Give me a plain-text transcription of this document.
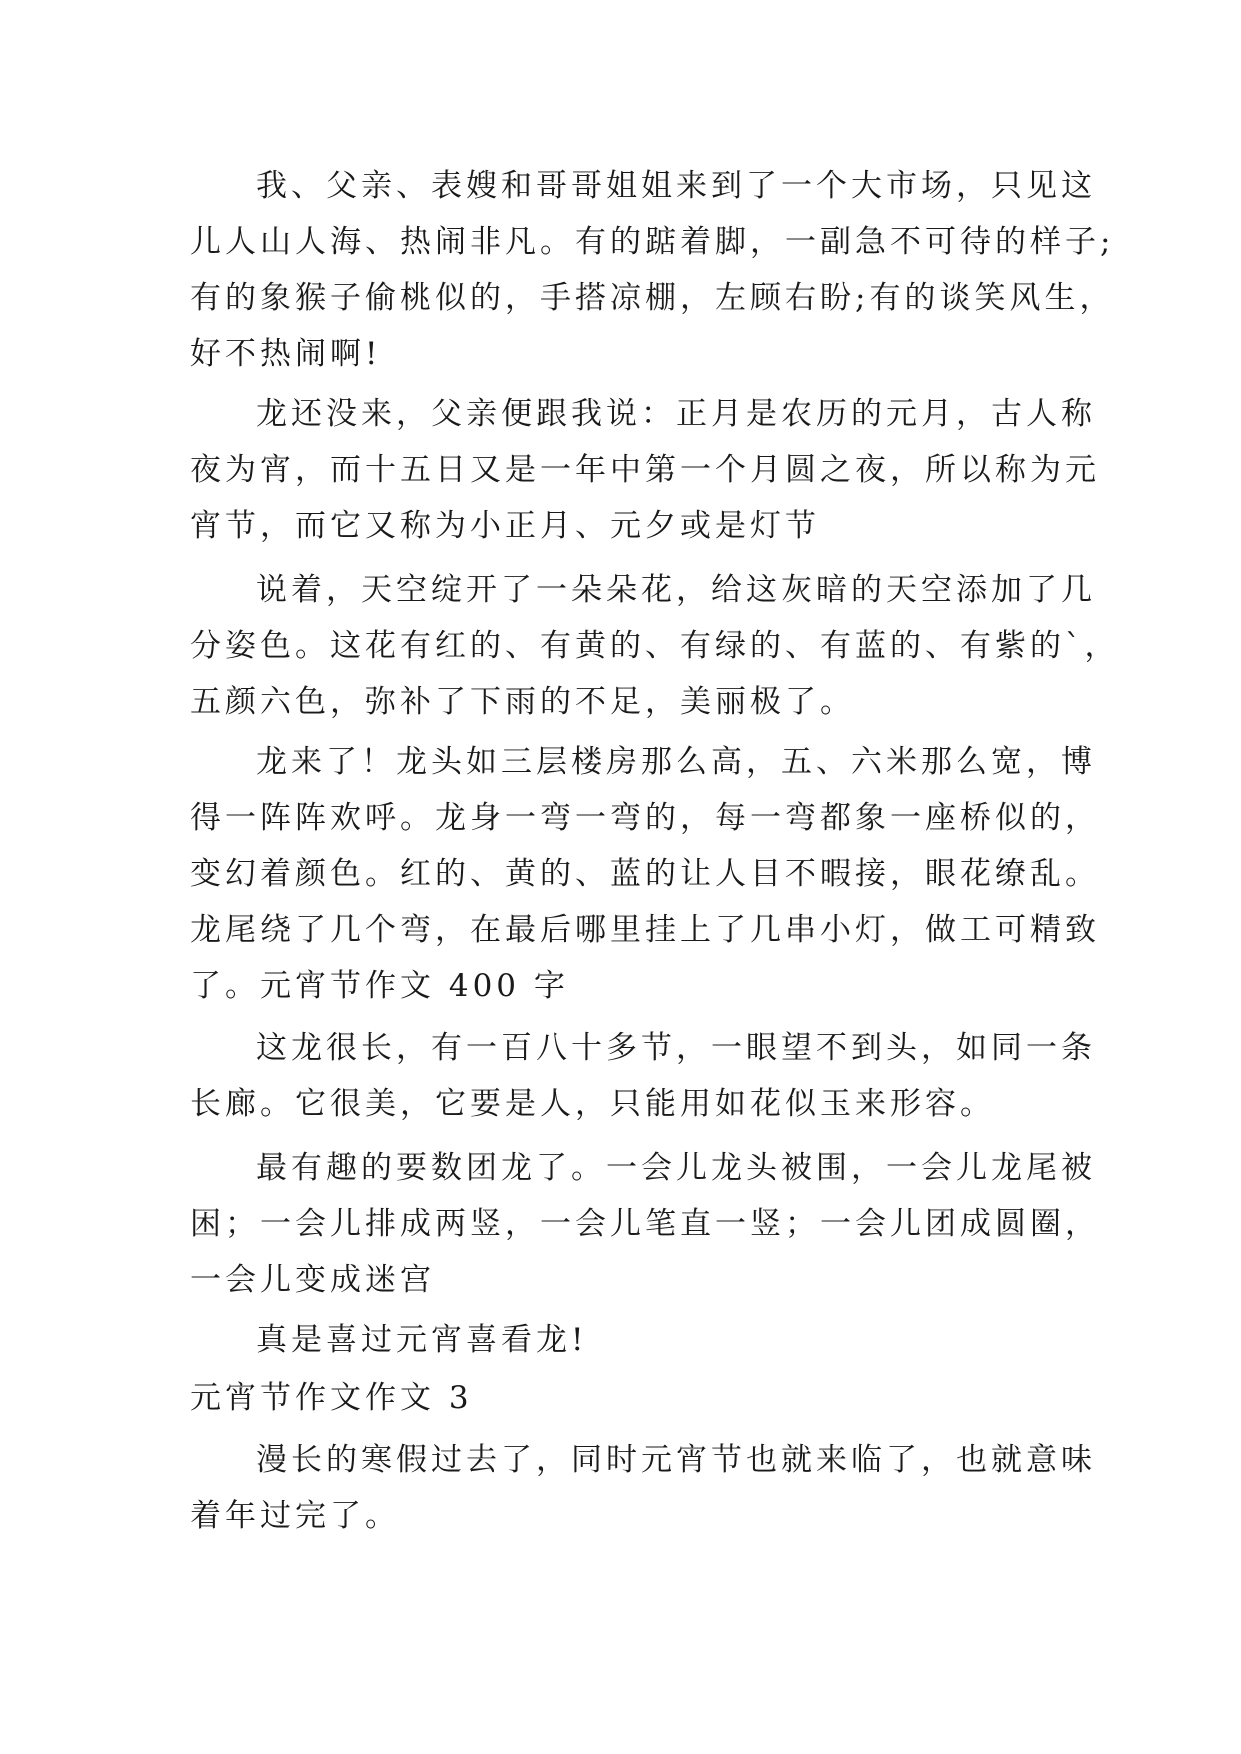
我、父亲、表嫂和哥哥姐姐来到了一个大市场，只见这
儿人山人海、热闹非凡。有的踮着脚，一副急不可待的样子;
有的象猴子偷桃似的，手搭凉棚，左顾右盼;有的谈笑风生，
好不热闹啊!
龙还没来，父亲便跟我说：正月是农历的元月，古人称
夜为宵，而十五日又是一年中第一个月圆之夜，所以称为元
宵节，而它又称为小正月、元夕或是灯节
说着，天空绽开了一朵朵花，给这灰暗的天空添加了几
分姿色。这花有红的、有黄的、有绿的、有蓝的、有紫的`，
五颜六色，弥补了下雨的不足，美丽极了。
龙来了！龙头如三层楼房那么高，五、六米那么宽，博
得一阵阵欢呼。龙身一弯一弯的，每一弯都象一座桥似的，
变幻着颜色。红的、黄的、蓝的让人目不暇接，眼花缭乱。
龙尾绕了几个弯，在最后哪里挂上了几串小灯，做工可精致
了。元宵节作文 400 字
这龙很长，有一百八十多节，一眼望不到头，如同一条
长廊。它很美，它要是人，只能用如花似玉来形容。
最有趣的要数团龙了。一会儿龙头被围，一会儿龙尾被
困；一会儿排成两竖，一会儿笔直一竖；一会儿团成圆圈，
一会儿变成迷宫
真是喜过元宵喜看龙!
元宵节作文作文 3
漫长的寒假过去了，同时元宵节也就来临了，也就意味
着年过完了。
